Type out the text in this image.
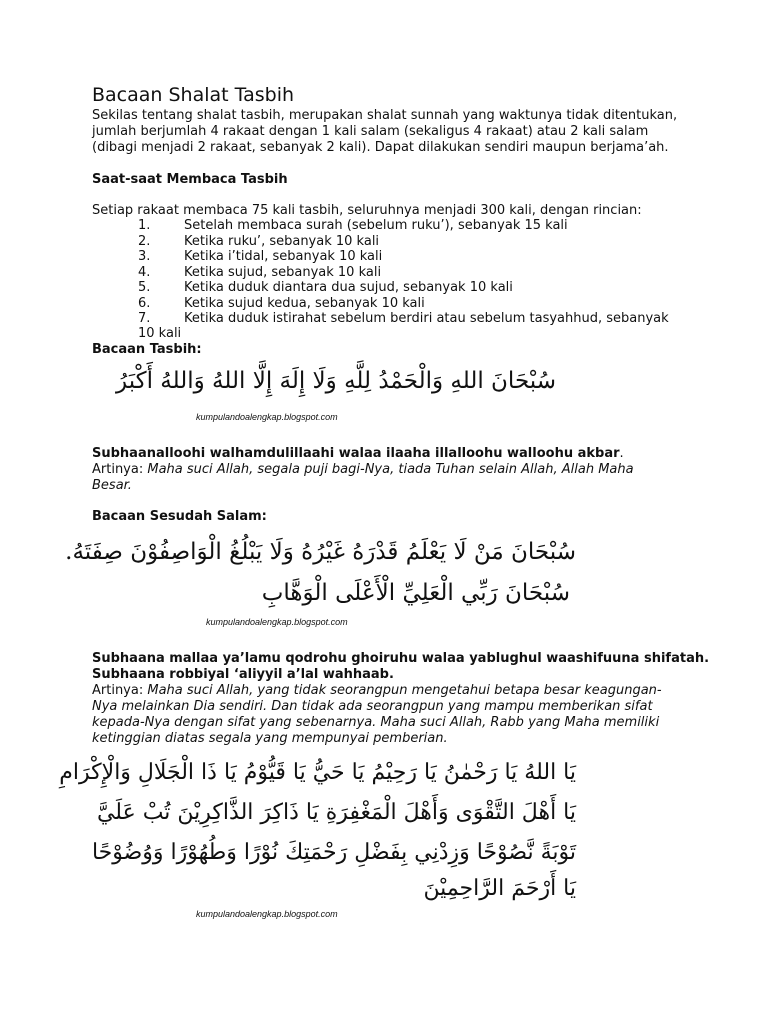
Bacaan Shalat Tasbih
Sekilas tentang shalat tasbih, merupakan shalat sunnah yang waktunya tidak ditentukan,
jumlah berjumlah 4 rakaat dengan 1 kali salam (sekaligus 4 rakaat) atau 2 kali salam
(dibagi menjadi 2 rakaat, sebanyak 2 kali). Dapat dilakukan sendiri maupun berjama’ah.
Saat-saat Membaca Tasbih
Setiap rakaat membaca 75 kali tasbih, seluruhnya menjadi 300 kali, dengan rincian:
1.	Setelah membaca surah (sebelum ruku’), sebanyak 15 kali
2.	Ketika ruku’, sebanyak 10 kali
3.	Ketika i’tidal, sebanyak 10 kali
4.	Ketika sujud, sebanyak 10 kali
5.	Ketika duduk diantara dua sujud, sebanyak 10 kali
6.	Ketika sujud kedua, sebanyak 10 kali
7.	Ketika duduk istirahat sebelum berdiri atau sebelum tasyahhud, sebanyak
10 kali
Bacaan Tasbih:
سُبْحَانَ اللهِ وَالْحَمْدُ لِلَّهِ وَلَا إِلَهَ إِلَّا اللهُ وَاللهُ أَكْبَرُ
kumpulandoalengkap.blogspot.com
Subhaanalloohi walhamdulillaahi walaa ilaaha illalloohu walloohu akbar.
Artinya: Maha suci Allah, segala puji bagi-Nya, tiada Tuhan selain Allah, Allah Maha
Besar.
Bacaan Sesudah Salam:
سُبْحَانَ مَنْ لَا يَعْلَمُ قَدْرَهُ غَيْرُهُ وَلَا يَبْلُغُ الْوَاصِفُوْنَ صِفَتَهُ.
سُبْحَانَ رَبِّي الْعَلِيِّ الْأَعْلَى الْوَهَّابِ
kumpulandoalengkap.blogspot.com
Subhaana mallaa ya’lamu qodrohu ghoiruhu walaa yablughul waashifuuna shifatah.
Subhaana robbiyal ‘aliyyil a’lal wahhaab.
Artinya: Maha suci Allah, yang tidak seorangpun mengetahui betapa besar keagungan-
Nya melainkan Dia sendiri. Dan tidak ada seorangpun yang mampu memberikan sifat
kepada-Nya dengan sifat yang sebenarnya. Maha suci Allah, Rabb yang Maha memiliki
ketinggian diatas segala yang mempunyai pemberian.
يَا اللهُ يَا رَحْمٰنُ يَا رَحِيْمُ يَا حَيُّ يَا قَيُّوْمُ يَا ذَا الْجَلَالِ وَالْإِكْرَامِ
يَا أَهْلَ التَّقْوَى وَأَهْلَ الْمَغْفِرَةِ يَا ذَاكِرَ الذَّاكِرِيْنَ تُبْ عَلَيَّ
تَوْبَةً نَّصُوْحًا وَزِدْنِي بِفَضْلِ رَحْمَتِكَ نُوْرًا وَطُهُوْرًا وَوُضُوْحًا
يَا أَرْحَمَ الرَّاحِمِيْنَ
kumpulandoalengkap.blogspot.com
